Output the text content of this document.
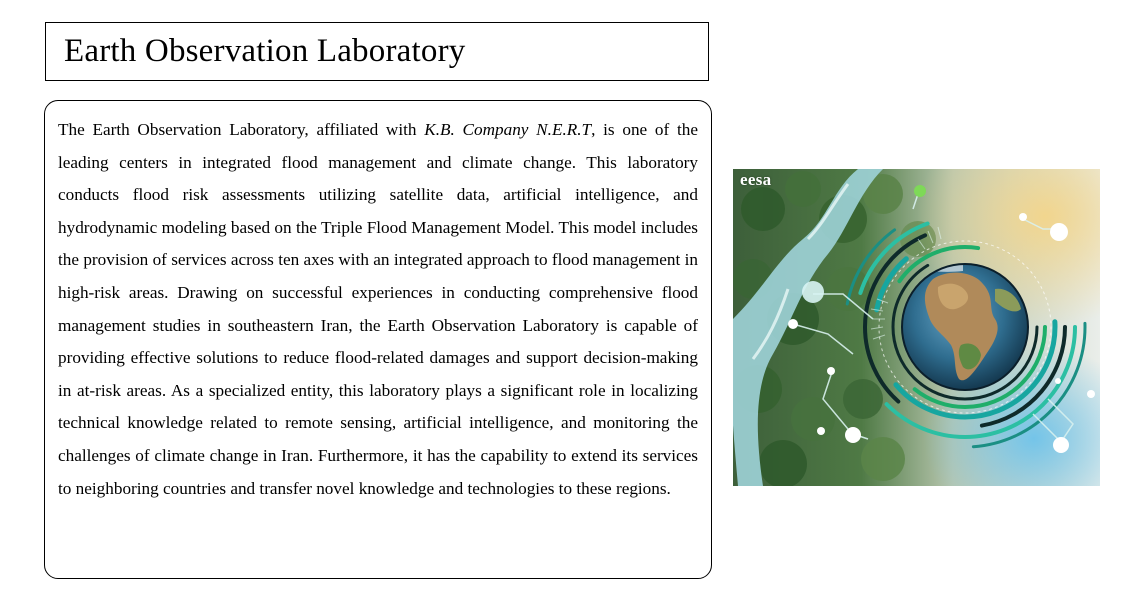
Earth Observation Laboratory

The Earth Observation Laboratory, affiliated with K.B. Company N.E.R.T, is one of the leading centers in integrated flood management and climate change. This laboratory conducts flood risk assessments utilizing satellite data, artificial intelligence, and hydrodynamic modeling based on the Triple Flood Management Model. This model includes the provision of services across ten axes with an integrated approach to flood management in high-risk areas. Drawing on successful experiences in conducting comprehensive flood management studies in southeastern Iran, the Earth Observation Laboratory is capable of providing effective solutions to reduce flood-related damages and support decision-making in at-risk areas. As a specialized entity, this laboratory plays a significant role in localizing technical knowledge related to remote sensing, artificial intelligence, and monitoring the challenges of climate change in Iran. Furthermore, it has the capability to extend its services to neighboring countries and transfer novel knowledge and technologies to these regions.

eesa
